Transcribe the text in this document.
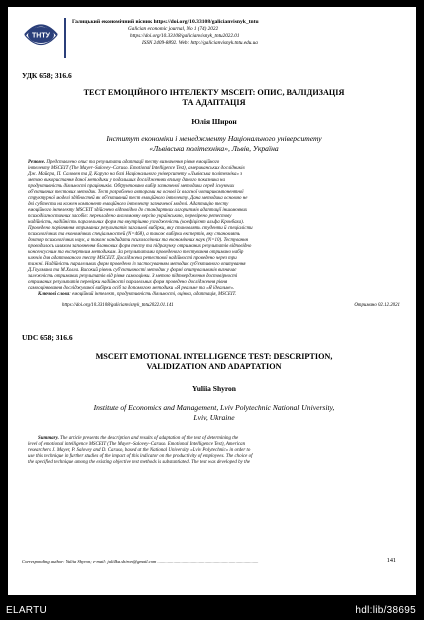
ТНТУ
Галицький економічний вісник https://doi.org/10.33108/galicianvisnyk_tntu
Galician economic journal, No 1 (74) 2022
https://doi.org/10.33108/galicianvisnyk_tntu2022.01
ISSN 2409-8892. Web: http://galicianvisnyk.tntu.edu.ua
УДК 658; 316.6
ТЕСТ ЕМОЦІЙНОГО ІНТЕЛЕКТУ MSCEIT: ОПИС, ВАЛІДИЗАЦІЯ
ТА АДАПТАЦІЯ
Юлія Широн
Інститут економіки і менеджменту Національного університету
«Львівська політехніка», Львів, Україна
Резюме. Представлено опис та результати адаптації тесту визначення рівня емоційного
інтелекту MSCEIT (The Mayer–Salovey–Caruso. Emotional Intelligence Test), американських дослідників
Дж. Майєра, П. Саловея та Д. Карузо на базі Національного університету «Львівська політехніка» з
метою використання даної методики у подальших дослідженнях впливу даного показника на
продуктивність діяльності працівників. Обґрунтовано вибір зазначеної методики серед існуючих
об'єктивних тестових методик. Тест розроблено авторами на основі їх власної чотирикомпонентної
структурної моделі здібностей як об'єктивний тест емоційного інтелекту. Дана методика основою не
дві субтести на кожен компонент емоційного інтелекту зазначеної моделі. Адаптацію тесту
емоційного інтелекту MSCEIT здійснено відповідно до стандартних алгоритмів адаптації іншомовних
психодіагностичних засобів: перекладено англомовну версію українською, перевірено ретестову
надійність, надійність паралельних форм та внутрішню узгодженість (коефіцієнт альфа Кронбаха).
Проведено порівняння отриманих результатів загальної вибірки, яку становлять студенти й спеціалісти
психологічних та економічних спеціальностей (N=468), а також вибірки експертів, яку становлять
доктор психологічних наук, а також кандидати психологічних та економічних наук (N=10). Тестування
проводилось шляхом заповнення бланкових форм тесту та підрахунку отриманих результатів відповідно
консенсусним та експертним методикам. За результатами проведеного тестування отримано набір
ключів для адаптованого тесту MSCEIT. Досліджена ретестової надійності проведено через три
тижні. Надійність паралельних форм проведено із застосуванням методик суб'єктивного опитування
Д.Гоулмана та М.Холла. Високий рівень суб'єктивності методик у формі опитувальників визначає
залежність отриманих результатів від рівня самооцінки. З метою підтвердження достовірності
отриманих результатів перевірки надійності паралельних форм проведено дослідження рівня
самооцінювання досліджуваної вибірки осіб за допомогою методики «Я реальне та «Я ідеальне».
Ключові слова: емоційний інтелект, продуктивність діяльності, оцінка, адаптація, MSCEIT.
https://doi.org/10.33108/galicianvisnyk_tntu2022.01.141	Отримано 02.12.2021
UDC 658; 316.6
MSCEIT EMOTIONAL INTELLIGENCE TEST: DESCRIPTION,
VALIDIZATION AND ADAPTATION
Yuliia Shyron
Institute of Economics and Management, Lviv Polytechnic National University,
Lviv, Ukraine
Summary. The article presents the description and results of adaptation of the test of determining the
level of emotional intelligence MSCEIT (The Mayer–Salovey–Caruso. Emotional Intelligence Test), American
researchers J. Mayer, P. Salovey and D. Caruso, based at the National University «Lviv Polytechnic» in order to
use this technique in further studies of the impact of this indicator on the productivity of employees. The choice of
the specified technique among the existing objective test methods is substantiated. The test was developed by the
Corresponding author: Yuliia Shyron; e-mail: juli4ka.shiron@gmail.com ........................................................................................	141
ELARTU	hdl:lib/38695
